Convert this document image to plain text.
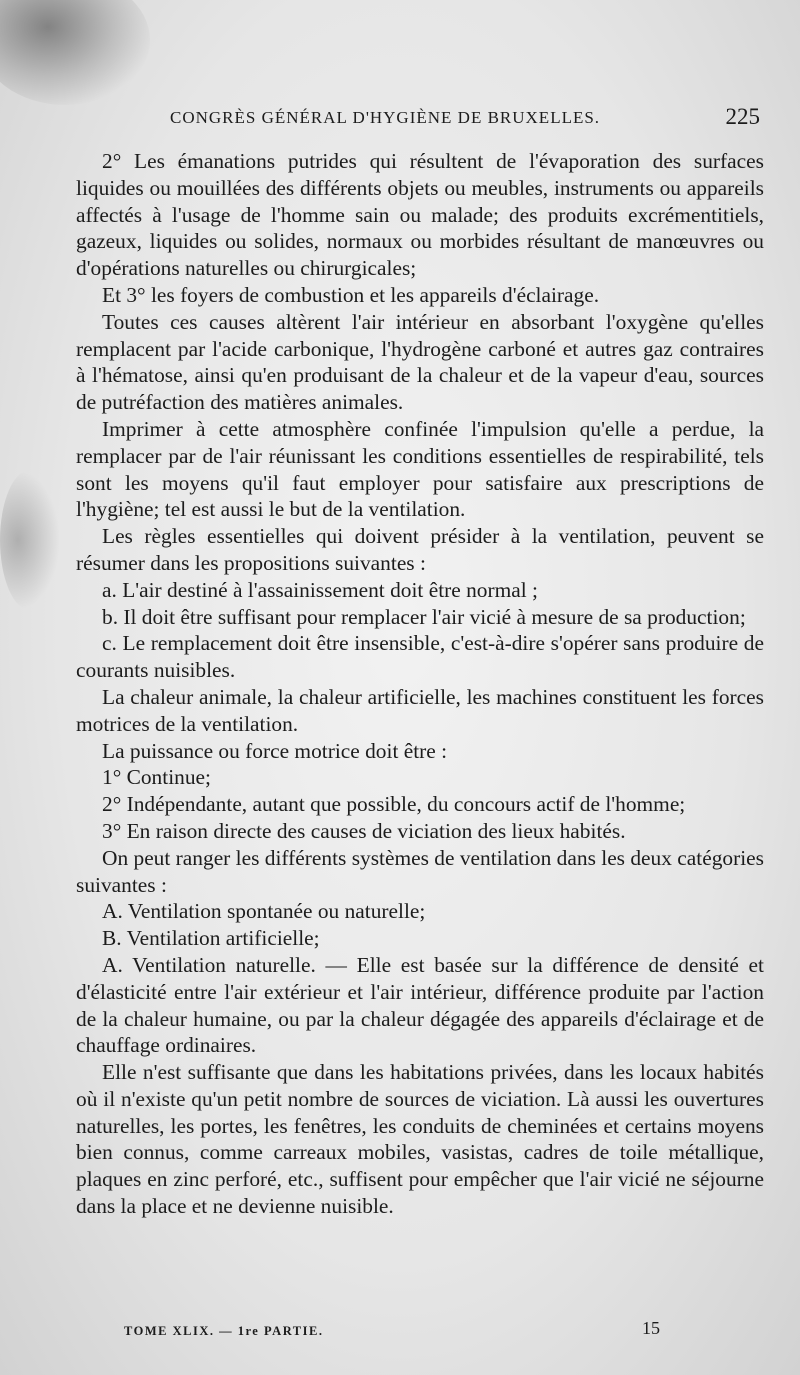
CONGRÈS GÉNÉRAL D'HYGIÈNE DE BRUXELLES.	225

2° Les émanations putrides qui résultent de l'évaporation des surfaces liquides ou mouillées des différents objets ou meubles, instruments ou appareils affectés à l'usage de l'homme sain ou malade; des produits excrémentitiels, gazeux, liquides ou solides, normaux ou morbides résultant de manœuvres ou d'opérations naturelles ou chirurgicales;

Et 3° les foyers de combustion et les appareils d'éclairage.

Toutes ces causes altèrent l'air intérieur en absorbant l'oxygène qu'elles remplacent par l'acide carbonique, l'hydrogène carboné et autres gaz contraires à l'hématose, ainsi qu'en produisant de la chaleur et de la vapeur d'eau, sources de putréfaction des matières animales.

Imprimer à cette atmosphère confinée l'impulsion qu'elle a perdue, la remplacer par de l'air réunissant les conditions essentielles de respirabilité, tels sont les moyens qu'il faut employer pour satisfaire aux prescriptions de l'hygiène; tel est aussi le but de la ventilation.

Les règles essentielles qui doivent présider à la ventilation, peuvent se résumer dans les propositions suivantes :

a. L'air destiné à l'assainissement doit être normal ;

b. Il doit être suffisant pour remplacer l'air vicié à mesure de sa production;

c. Le remplacement doit être insensible, c'est-à-dire s'opérer sans produire de courants nuisibles.

La chaleur animale, la chaleur artificielle, les machines constituent les forces motrices de la ventilation.

La puissance ou force motrice doit être :

1° Continue;

2° Indépendante, autant que possible, du concours actif de l'homme;

3° En raison directe des causes de viciation des lieux habités.

On peut ranger les différents systèmes de ventilation dans les deux catégories suivantes :

A. Ventilation spontanée ou naturelle;

B. Ventilation artificielle;

A. Ventilation naturelle. — Elle est basée sur la différence de densité et d'élasticité entre l'air extérieur et l'air intérieur, différence produite par l'action de la chaleur humaine, ou par la chaleur dégagée des appareils d'éclairage et de chauffage ordinaires.

Elle n'est suffisante que dans les habitations privées, dans les locaux habités où il n'existe qu'un petit nombre de sources de viciation. Là aussi les ouvertures naturelles, les portes, les fenêtres, les conduits de cheminées et certains moyens bien connus, comme carreaux mobiles, vasistas, cadres de toile métallique, plaques en zinc perforé, etc., suffisent pour empêcher que l'air vicié ne séjourne dans la place et ne devienne nuisible.

TOME XLIX. — 1re PARTIE.	15
